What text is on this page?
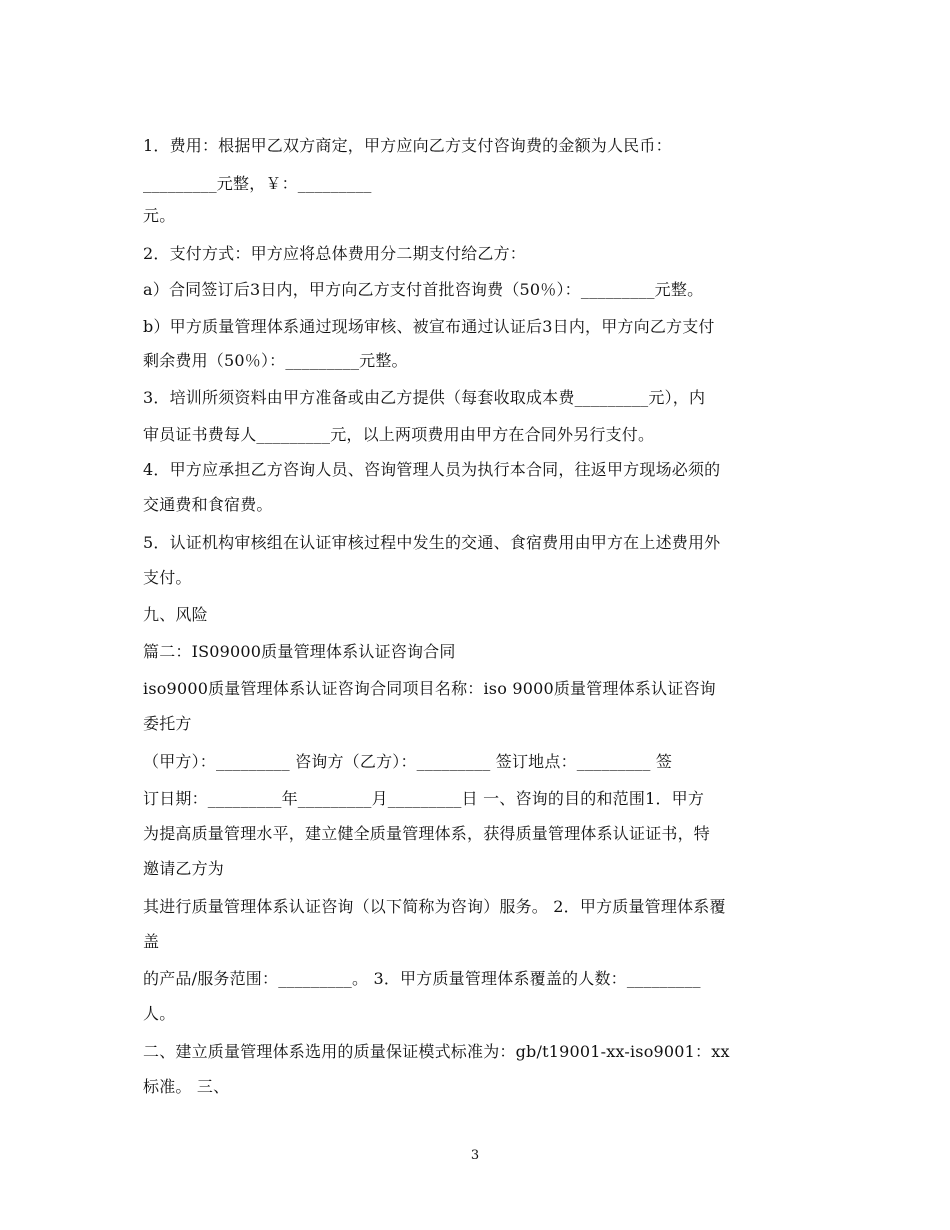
1．费用：根据甲乙双方商定，甲方应向乙方支付咨询费的金额为人民币：
_________元整，￥：_________
元。
2．支付方式：甲方应将总体费用分二期支付给乙方：
a）合同签订后3日内，甲方向乙方支付首批咨询费（50％）：_________元整。
b）甲方质量管理体系通过现场审核、被宣布通过认证后3日内，甲方向乙方支付
剩余费用（50％）：_________元整。
3．培训所须资料由甲方准备或由乙方提供（每套收取成本费_________元），内
审员证书费每人_________元，以上两项费用由甲方在合同外另行支付。
4．甲方应承担乙方咨询人员、咨询管理人员为执行本合同，往返甲方现场必须的
交通费和食宿费。
5．认证机构审核组在认证审核过程中发生的交通、食宿费用由甲方在上述费用外
支付。
九、风险
篇二：IS09000质量管理体系认证咨询合同
iso9000质量管理体系认证咨询合同项目名称：iso 9000质量管理体系认证咨询
委托方
（甲方）：_________ 咨询方（乙方）：_________ 签订地点：_________ 签
订日期：_________年_________月_________日 一、咨询的目的和范围1．甲方
为提高质量管理水平，建立健全质量管理体系，获得质量管理体系认证证书，特
邀请乙方为
其进行质量管理体系认证咨询（以下简称为咨询）服务。 2．甲方质量管理体系覆
盖
的产品/服务范围：_________。 3．甲方质量管理体系覆盖的人数：_________
人。
二、建立质量管理体系选用的质量保证模式标准为：gb/t19001-xx-iso9001：xx
标准。 三、
3
